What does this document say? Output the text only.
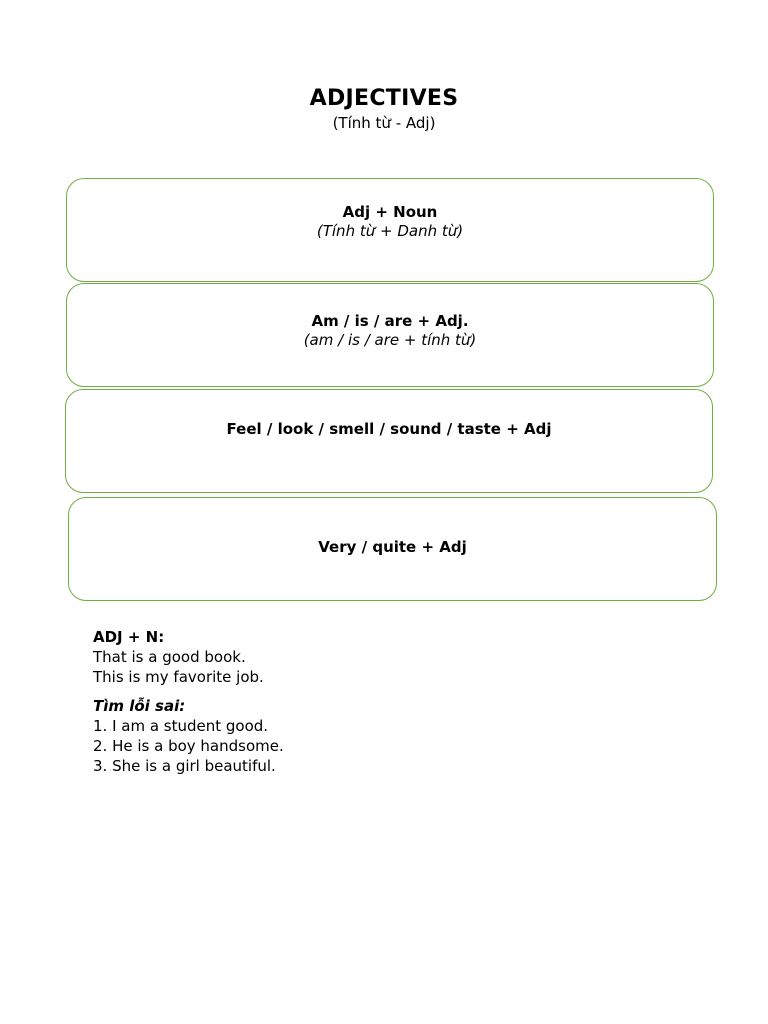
ADJECTIVES
(Tính từ - Adj)
Adj + Noun
(Tính từ + Danh từ)
Am / is / are + Adj.
(am / is / are + tính từ)
Feel / look / smell / sound / taste + Adj
Very / quite + Adj
ADJ + N:
That is a good book.
This is my favorite job.
Tìm lỗi sai:
1. I am a student good.
2. He is a boy handsome.
3. She is a girl beautiful.
